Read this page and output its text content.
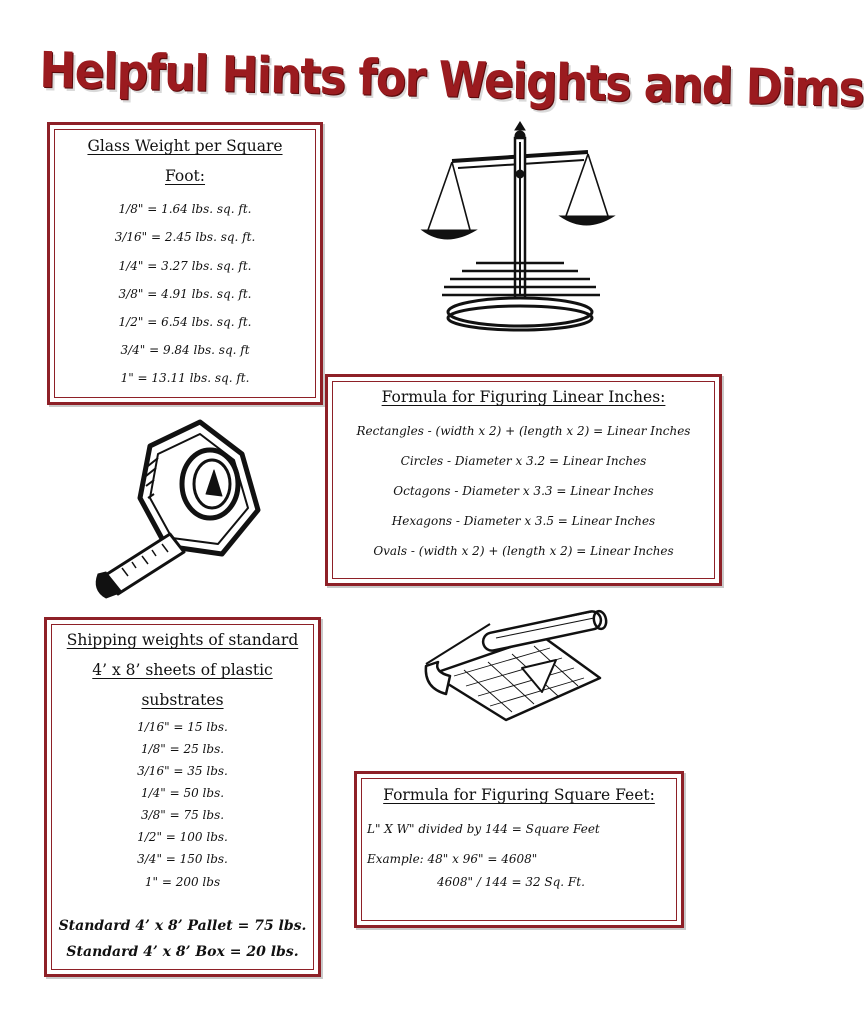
Helpful Hints for Weights and Dims
Glass Weight per Square
Foot:
1/8" = 1.64 lbs. sq. ft.
3/16" = 2.45 lbs. sq. ft.
1/4" = 3.27 lbs. sq. ft.
3/8" = 4.91 lbs. sq. ft.
1/2" = 6.54 lbs. sq. ft.
3/4" = 9.84 lbs. sq. ft
1" = 13.11 lbs. sq. ft.
Formula for Figuring Linear Inches:
Rectangles - (width x 2) + (length x 2) = Linear Inches
Circles - Diameter x 3.2 = Linear Inches
Octagons - Diameter x 3.3 = Linear Inches
Hexagons - Diameter x 3.5 = Linear Inches
Ovals - (width x 2) + (length x 2) = Linear Inches
Shipping weights of standard
4’ x 8’ sheets of plastic
substrates
1/16" = 15 lbs.
1/8" = 25 lbs.
3/16" = 35 lbs.
1/4" = 50 lbs.
3/8" = 75 lbs.
1/2" = 100 lbs.
3/4" = 150 lbs.
1" = 200 lbs
Standard 4’ x 8’ Pallet = 75 lbs.
Standard 4’ x 8’ Box = 20 lbs.
Formula for Figuring Square Feet:
L" X W" divided by 144 = Square Feet
Example: 48" x 96" = 4608"
4608" / 144 = 32 Sq. Ft.
